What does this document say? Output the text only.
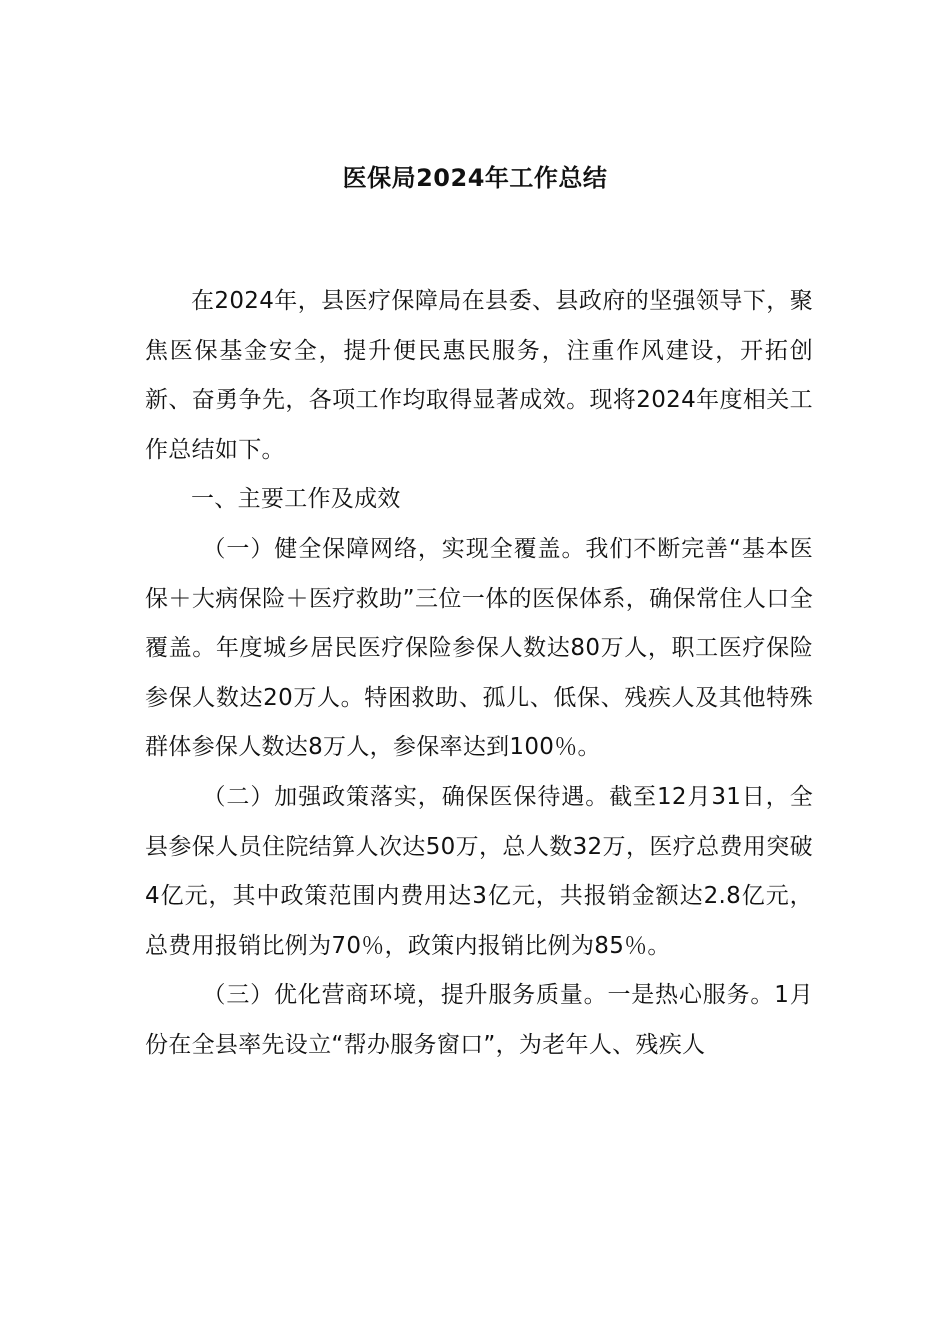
医保局2024年工作总结

在2024年，县医疗保障局在县委、县政府的坚强领导下，聚焦医保基金安全，提升便民惠民服务，注重作风建设，开拓创新、奋勇争先，各项工作均取得显著成效。现将2024年度相关工作总结如下。

一、主要工作及成效

（一）健全保障网络，实现全覆盖。我们不断完善“基本医保＋大病保险＋医疗救助”三位一体的医保体系，确保常住人口全覆盖。年度城乡居民医疗保险参保人数达80万人，职工医疗保险参保人数达20万人。特困救助、孤儿、低保、残疾人及其他特殊群体参保人数达8万人，参保率达到100％。

（二）加强政策落实，确保医保待遇。截至12月31日，全县参保人员住院结算人次达50万，总人数32万，医疗总费用突破4亿元，其中政策范围内费用达3亿元，共报销金额达2.8亿元，总费用报销比例为70％，政策内报销比例为85％。

（三）优化营商环境，提升服务质量。一是热心服务。1月份在全县率先设立“帮办服务窗口”，为老年人、残疾人
